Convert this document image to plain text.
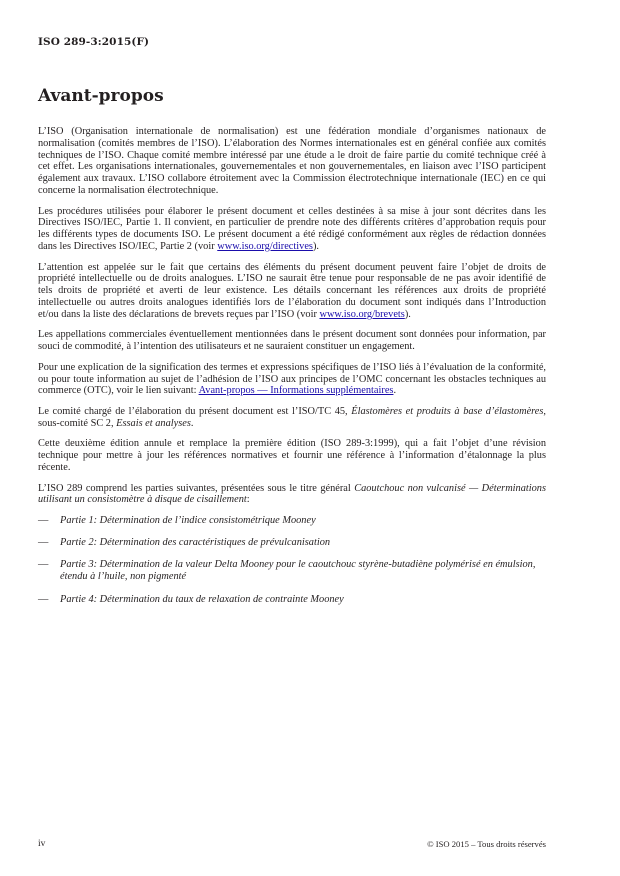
ISO 289-3:2015(F)
Avant-propos

L’ISO (Organisation internationale de normalisation) est une fédération mondiale d’organismes nationaux de normalisation (comités membres de l’ISO). L’élaboration des Normes internationales est en général confiée aux comités techniques de l’ISO. Chaque comité membre intéressé par une étude a le droit de faire partie du comité technique créé à cet effet. Les organisations internationales, gouvernementales et non gouvernementales, en liaison avec l’ISO participent également aux travaux. L’ISO collabore étroitement avec la Commission électrotechnique internationale (IEC) en ce qui concerne la normalisation électrotechnique.

Les procédures utilisées pour élaborer le présent document et celles destinées à sa mise à jour sont décrites dans les Directives ISO/IEC, Partie 1. Il convient, en particulier de prendre note des différents critères d’approbation requis pour les différents types de documents ISO. Le présent document a été rédigé conformément aux règles de rédaction données dans les Directives ISO/IEC, Partie 2 (voir www.iso.org/directives).

L’attention est appelée sur le fait que certains des éléments du présent document peuvent faire l’objet de droits de propriété intellectuelle ou de droits analogues. L’ISO ne saurait être tenue pour responsable de ne pas avoir identifié de tels droits de propriété et averti de leur existence. Les détails concernant les références aux droits de propriété intellectuelle ou autres droits analogues identifiés lors de l’élaboration du document sont indiqués dans l’Introduction et/ou dans la liste des déclarations de brevets reçues par l’ISO (voir www.iso.org/brevets).

Les appellations commerciales éventuellement mentionnées dans le présent document sont données pour information, par souci de commodité, à l’intention des utilisateurs et ne sauraient constituer un engagement.

Pour une explication de la signification des termes et expressions spécifiques de l’ISO liés à l’évaluation de la conformité, ou pour toute information au sujet de l’adhésion de l’ISO aux principes de l’OMC concernant les obstacles techniques au commerce (OTC), voir le lien suivant: Avant-propos — Informations supplémentaires.

Le comité chargé de l’élaboration du présent document est l’ISO/TC 45, Élastomères et produits à base d’élastomères, sous-comité SC 2, Essais et analyses.

Cette deuxième édition annule et remplace la première édition (ISO 289-3:1999), qui a fait l’objet d’une révision technique pour mettre à jour les références normatives et fournir une référence à l’information d’étalonnage la plus récente.

L’ISO 289 comprend les parties suivantes, présentées sous le titre général Caoutchouc non vulcanisé — Déterminations utilisant un consistomètre à disque de cisaillement:

—	Partie 1: Détermination de l’indice consistométrique Mooney
—	Partie 2: Détermination des caractéristiques de prévulcanisation
—	Partie 3: Détermination de la valeur Delta Mooney pour le caoutchouc styrène-butadiène polymérisé en émulsion, étendu à l’huile, non pigmenté
—	Partie 4: Détermination du taux de relaxation de contrainte Mooney
iv	© ISO 2015 – Tous droits réservés
